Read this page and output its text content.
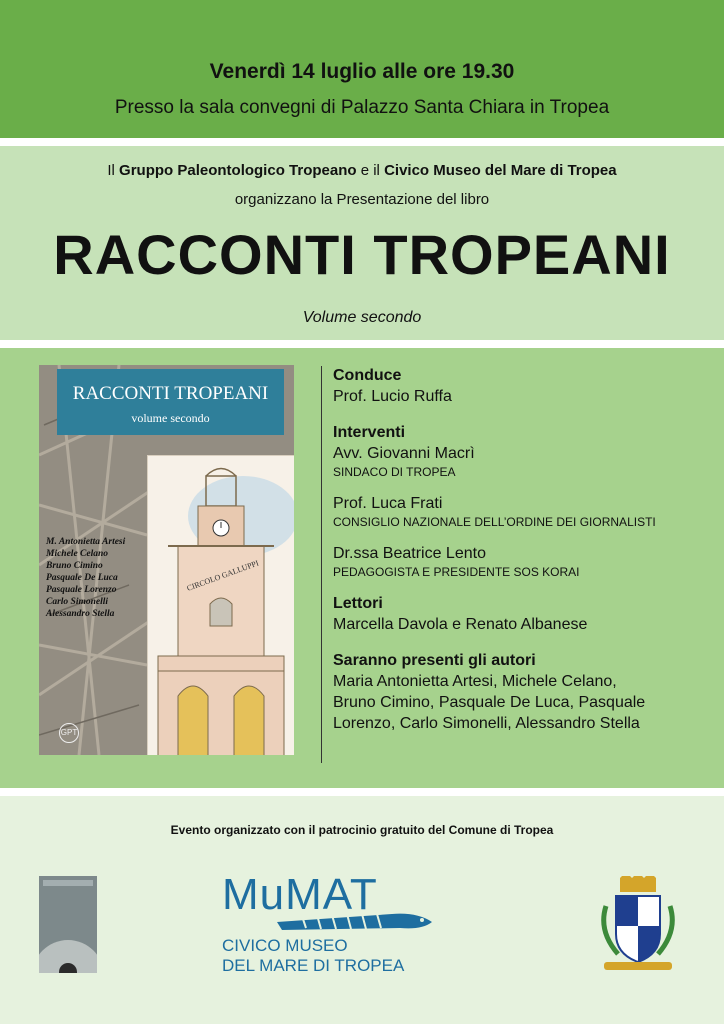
Venerdì 14 luglio alle ore 19.30
Presso la sala convegni di Palazzo Santa Chiara in Tropea
Il Gruppo Paleontologico Tropeano e il Civico Museo del Mare di Tropea
organizzano la Presentazione del libro
RACCONTI TROPEANI
Volume secondo
RACCONTI TROPEANI
volume secondo
CIRCOLO GALLUPPI
M. Antonietta Artesi
Michele Celano
Bruno Cimino
Pasquale De Luca
Pasquale Lorenzo
Carlo Simonelli
Alessandro Stella
GPT
Conduce
Prof. Lucio Ruffa
Interventi
Avv. Giovanni Macrì
SINDACO DI TROPEA
Prof. Luca Frati
CONSIGLIO NAZIONALE DELL’ORDINE DEI GIORNALISTI
Dr.ssa Beatrice Lento
PEDAGOGISTA E PRESIDENTE SOS KORAI
Lettori
Marcella Davola e Renato Albanese
Saranno presenti gli autori
Maria Antonietta Artesi, Michele Celano,
Bruno Cimino, Pasquale De Luca, Pasquale
Lorenzo, Carlo Simonelli, Alessandro Stella
Evento organizzato con il patrocinio gratuito del Comune di Tropea
MuMAT
CIVICO MUSEO
DEL MARE DI TROPEA
